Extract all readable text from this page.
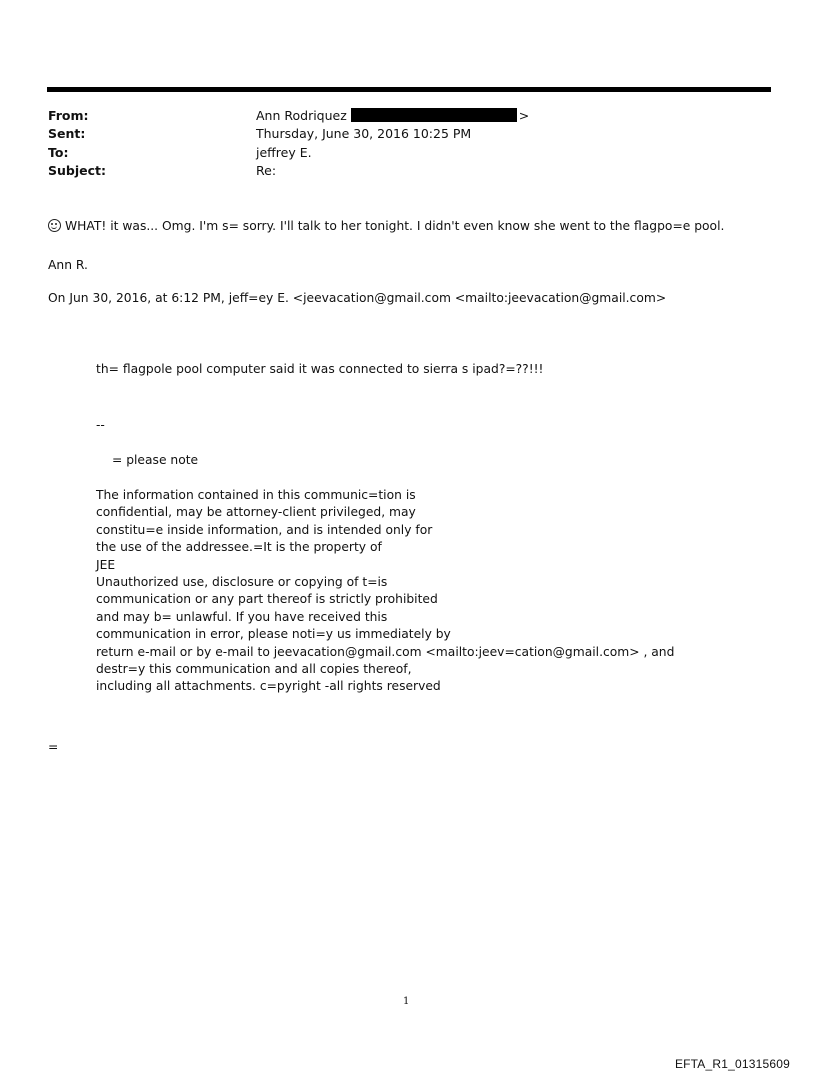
From:	Ann Rodriquez	>
Sent:	Thursday, June 30, 2016 10:25 PM
To:	jeffrey E.
Subject:	Re:
WHAT! it was... Omg. I'm s= sorry. I'll talk to her tonight. I didn't even know she went to the flagpo=e pool.
Ann R.
On Jun 30, 2016, at 6:12 PM, jeff=ey E. <jeevacation@gmail.com <mailto:jeevacation@gmail.com>
th= flagpole pool computer said it was connected to sierra s ipad?=??!!!
--
= please note
The information contained in this communic=tion is
confidential, may be attorney-client privileged, may
constitu=e inside information, and is intended only for
the use of the addressee.=It is the property of
JEE
Unauthorized use, disclosure or copying of t=is
communication or any part thereof is strictly prohibited
and may b= unlawful. If you have received this
communication in error, please noti=y us immediately by
return e-mail or by e-mail to jeevacation@gmail.com <mailto:jeev=cation@gmail.com> , and
destr=y this communication and all copies thereof,
including all attachments. c=pyright -all rights reserved
=
1
EFTA_R1_01315609
